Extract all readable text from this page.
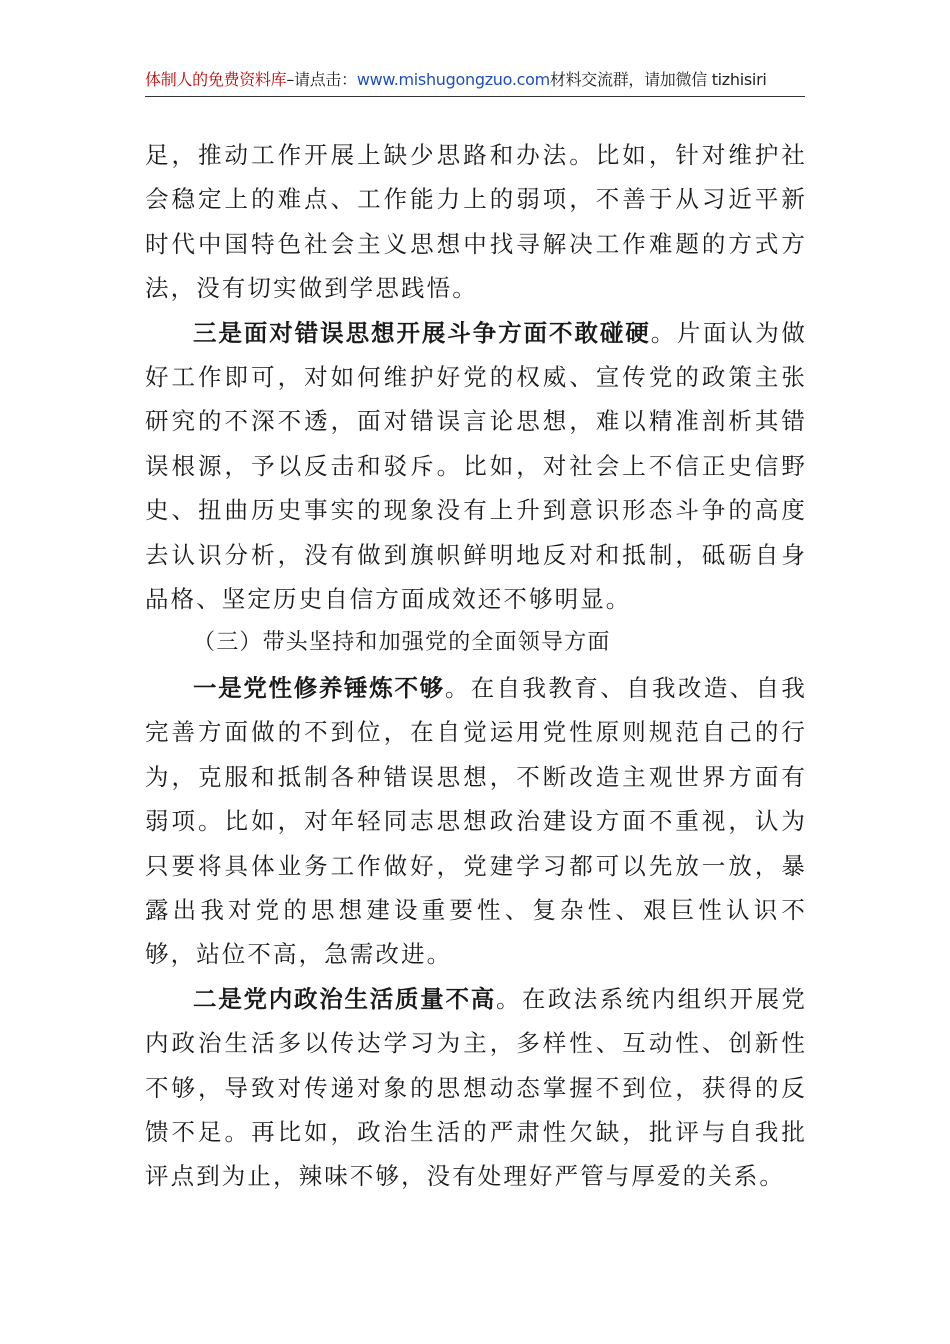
体制人的免费资料库–请点击：www.mishugongzuo.com材料交流群，请加微信 tizhisiri

足，推动工作开展上缺少思路和办法。比如，针对维护社会稳定上的难点、工作能力上的弱项，不善于从习近平新时代中国特色社会主义思想中找寻解决工作难题的方式方法，没有切实做到学思践悟。

三是面对错误思想开展斗争方面不敢碰硬。片面认为做好工作即可，对如何维护好党的权威、宣传党的政策主张研究的不深不透，面对错误言论思想，难以精准剖析其错误根源，予以反击和驳斥。比如，对社会上不信正史信野史、扭曲历史事实的现象没有上升到意识形态斗争的高度去认识分析，没有做到旗帜鲜明地反对和抵制，砥砺自身品格、坚定历史自信方面成效还不够明显。

（三）带头坚持和加强党的全面领导方面

一是党性修养锤炼不够。在自我教育、自我改造、自我完善方面做的不到位，在自觉运用党性原则规范自己的行为，克服和抵制各种错误思想，不断改造主观世界方面有弱项。比如，对年轻同志思想政治建设方面不重视，认为只要将具体业务工作做好，党建学习都可以先放一放，暴露出我对党的思想建设重要性、复杂性、艰巨性认识不够，站位不高，急需改进。

二是党内政治生活质量不高。在政法系统内组织开展党内政治生活多以传达学习为主，多样性、互动性、创新性不够，导致对传递对象的思想动态掌握不到位，获得的反馈不足。再比如，政治生活的严肃性欠缺，批评与自我批评点到为止，辣味不够，没有处理好严管与厚爱的关系。
